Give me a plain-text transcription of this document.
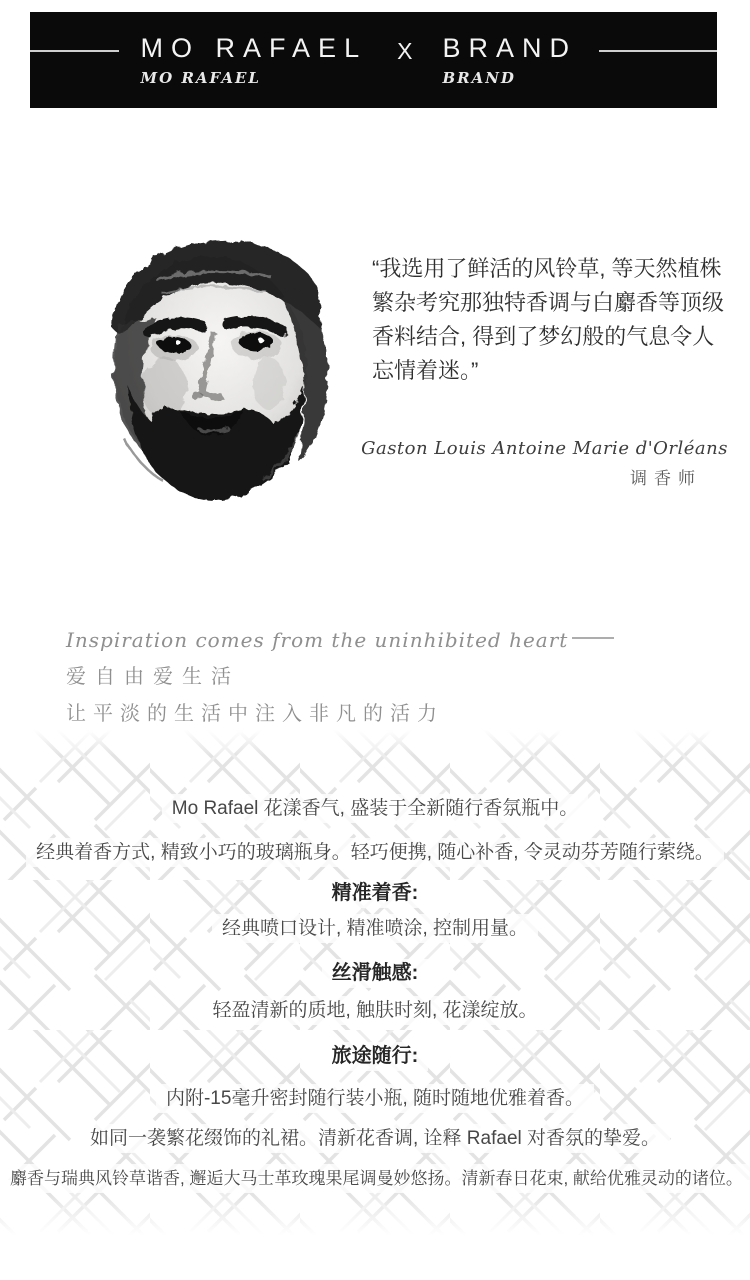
MO RAFAEL
MO RAFAEL
X BRAND
BRAND
“我选用了鲜活的风铃草, 等天然植株
繁杂考究那独特香调与白麝香等顶级
香料结合, 得到了梦幻般的气息令人
忘情着迷。”
Gaston Louis Antoine Marie d'Orléans
调香师
Inspiration comes from the uninhibited heart
爱自由爱生活
让平淡的生活中注入非凡的活力
Mo Rafael 花漾香气, 盛装于全新随行香氛瓶中。
经典着香方式, 精致小巧的玻璃瓶身。轻巧便携, 随心补香, 令灵动芬芳随行萦绕。
精准着香:
经典喷口设计, 精准喷涂, 控制用量。
丝滑触感:
轻盈清新的质地, 触肤时刻, 花漾绽放。
旅途随行:
内附-15毫升密封随行装小瓶, 随时随地优雅着香。
如同一袭繁花缀饰的礼裙。清新花香调, 诠释 Rafael 对香氛的挚爱。
麝香与瑞典风铃草谐香, 邂逅大马士革玫瑰果尾调曼妙悠扬。清新春日花束, 献给优雅灵动的诸位。
